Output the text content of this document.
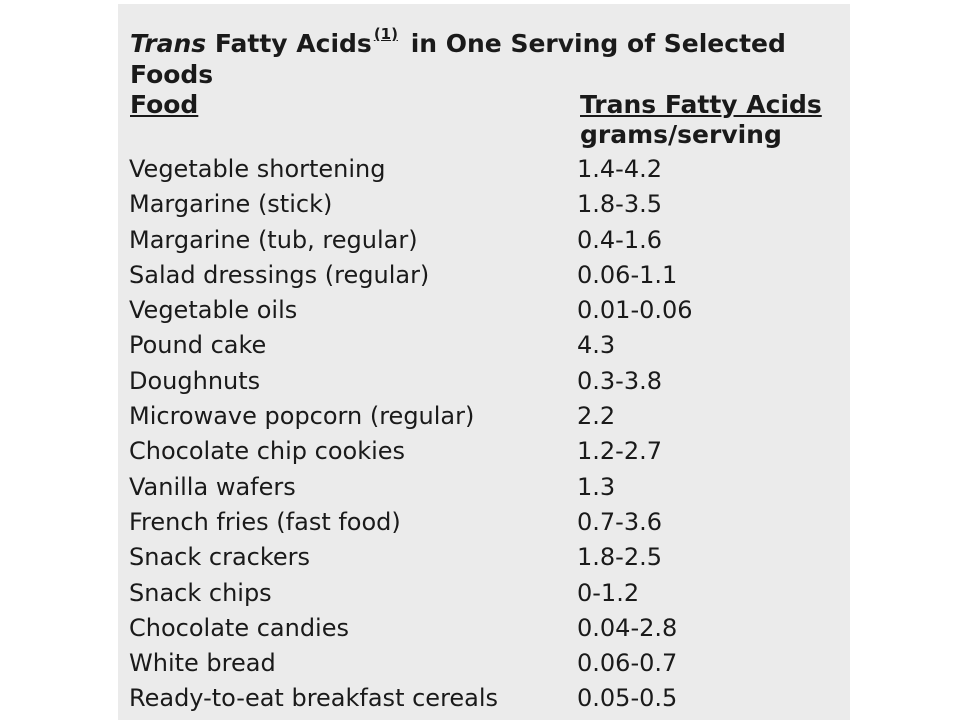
Trans Fatty Acids $^{(1)}$ in One Serving of Selected Foods
Food	Trans Fatty Acids
grams/serving
Vegetable shortening	1.4-4.2
Margarine (stick)	1.8-3.5
Margarine (tub, regular)	0.4-1.6
Salad dressings (regular)	0.06-1.1
Vegetable oils	0.01-0.06
Pound cake	4.3
Doughnuts	0.3-3.8
Microwave popcorn (regular)	2.2
Chocolate chip cookies	1.2-2.7
Vanilla wafers	1.3
French fries (fast food)	0.7-3.6
Snack crackers	1.8-2.5
Snack chips	0-1.2
Chocolate candies	0.04-2.8
White bread	0.06-0.7
Ready-to-eat breakfast cereals	0.05-0.5
